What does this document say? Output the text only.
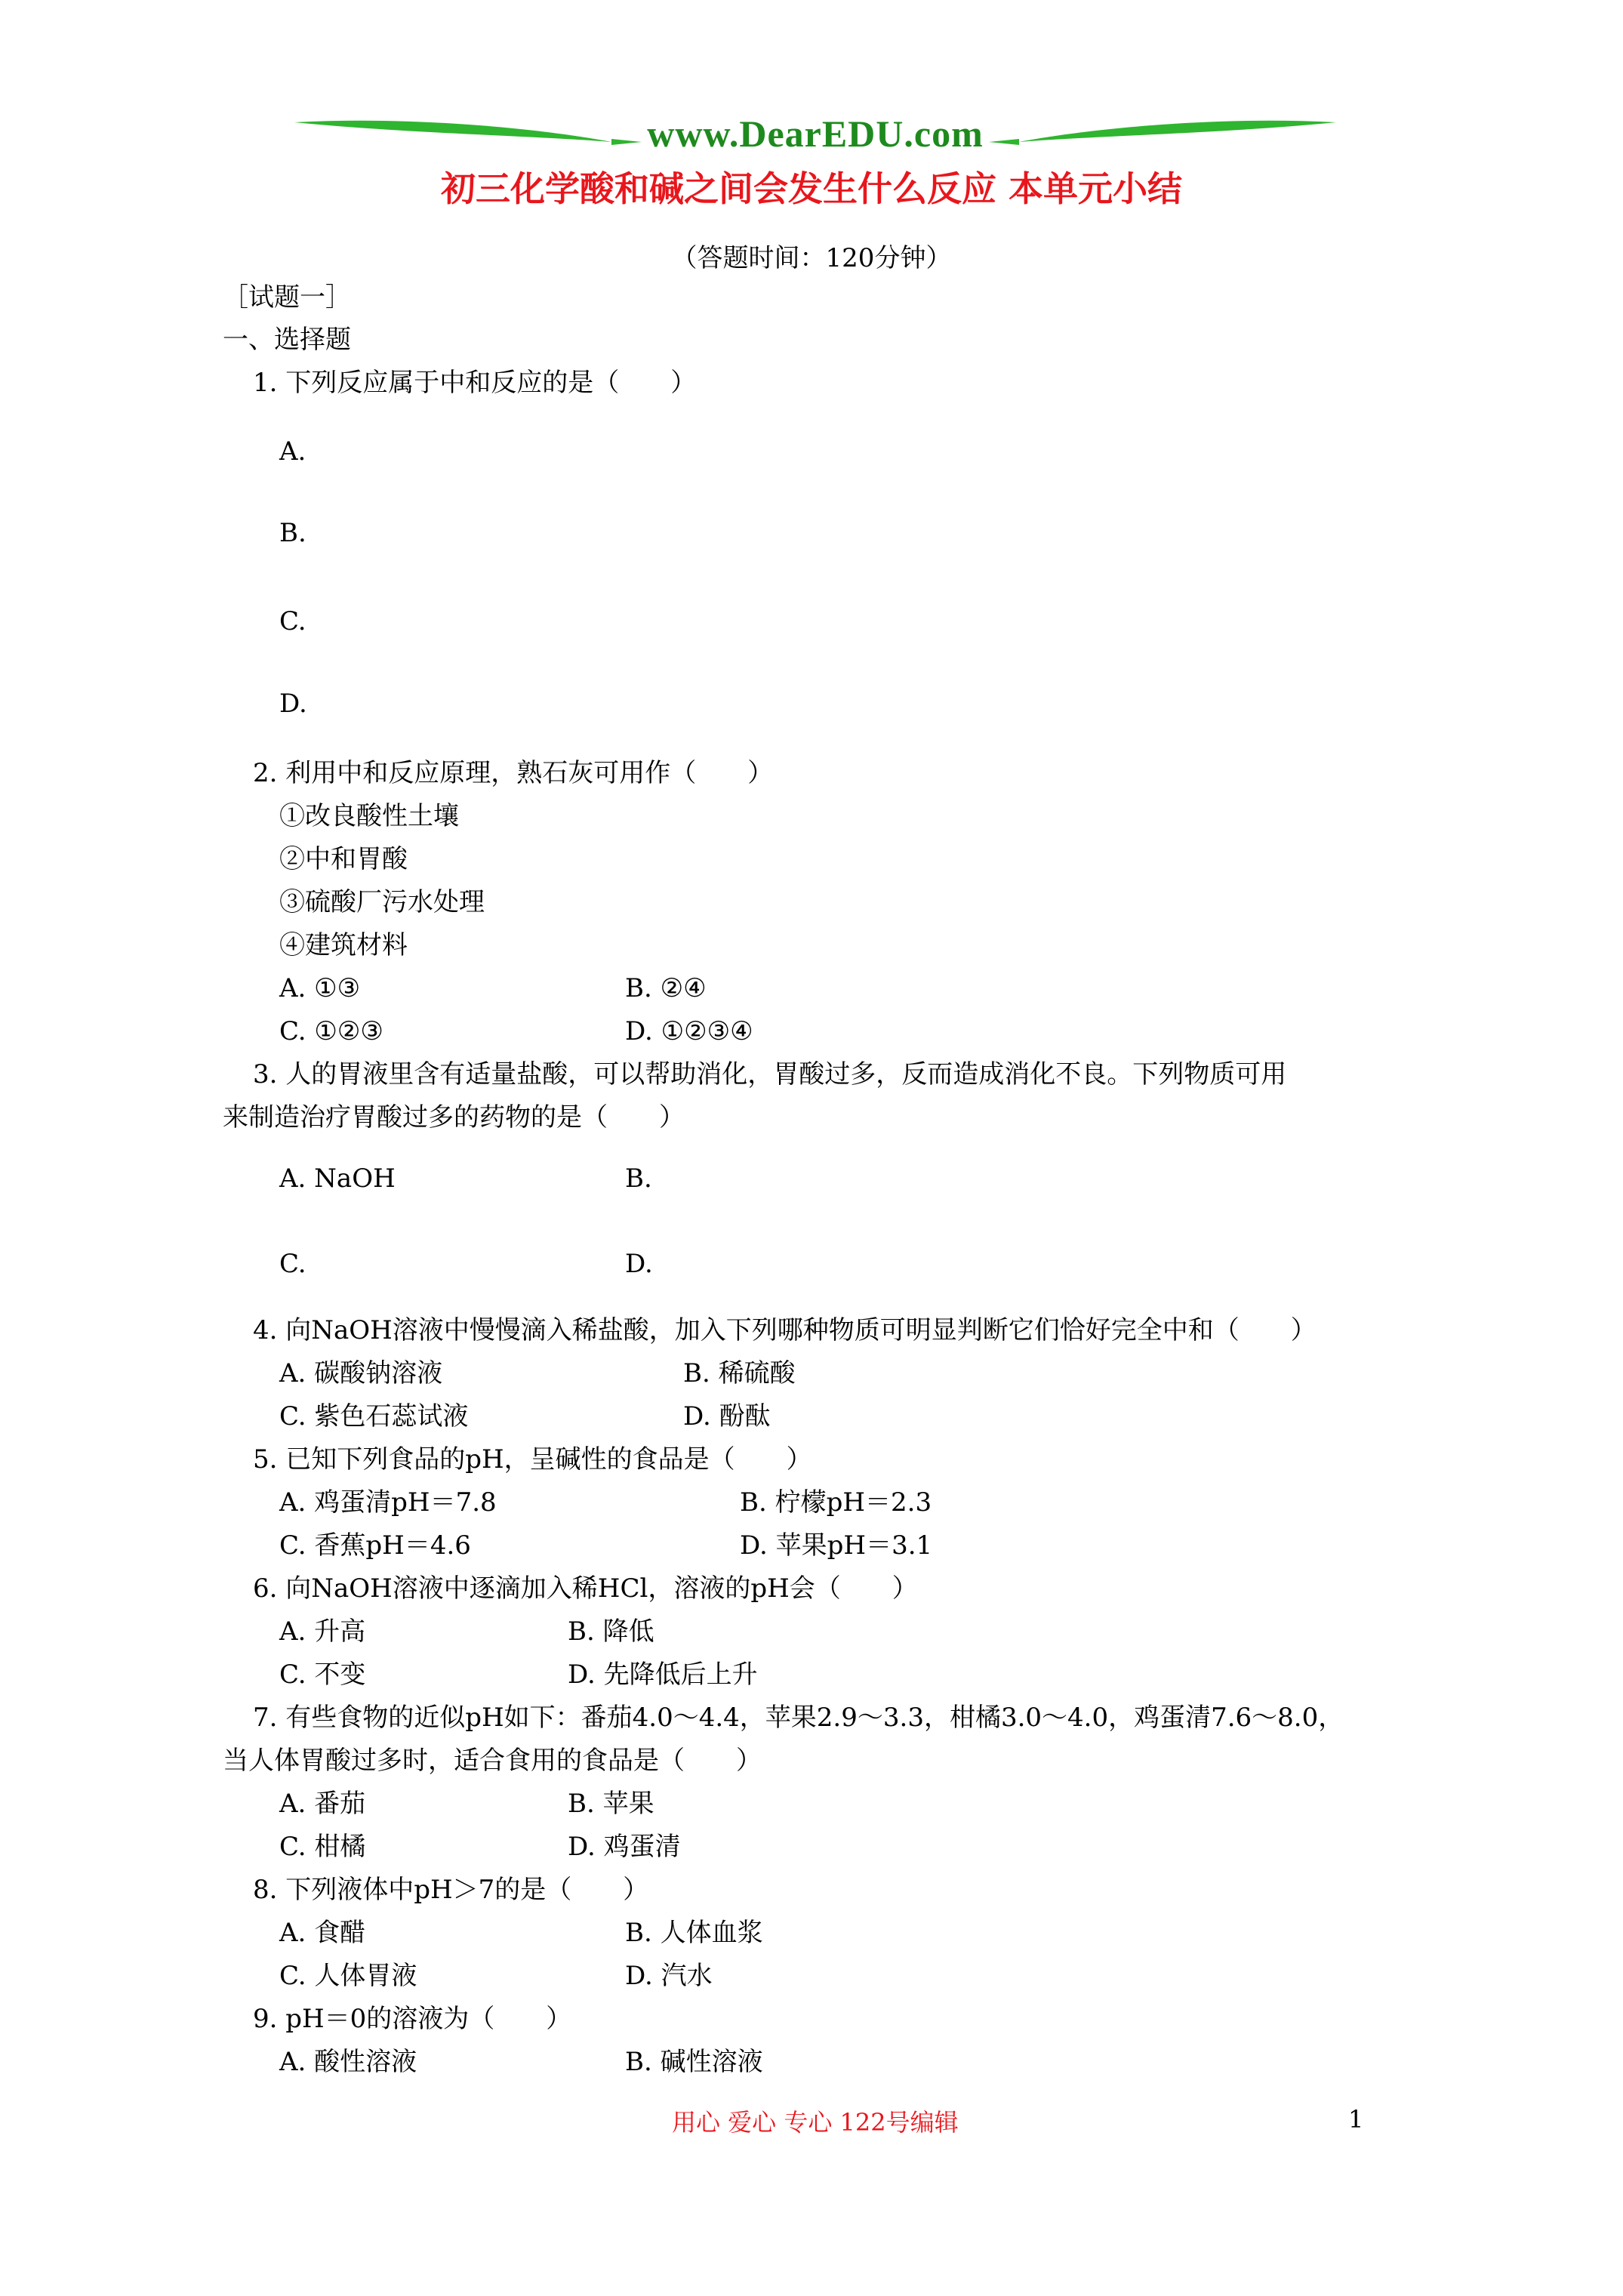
www.DearEDU.com
初三化学酸和碱之间会发生什么反应 本单元小结
（答题时间：120分钟）
［试题一］
一、选择题
1. 下列反应属于中和反应的是（　　）
A.
B.
C.
D.
2. 利用中和反应原理，熟石灰可用作（　　）
①改良酸性土壤
②中和胃酸
③硫酸厂污水处理
④建筑材料
A. ①③	B. ②④
C. ①②③	D. ①②③④
3. 人的胃液里含有适量盐酸，可以帮助消化，胃酸过多，反而造成消化不良。下列物质可用
来制造治疗胃酸过多的药物的是（　　）
A. NaOH	B.
C.	D.
4. 向NaOH溶液中慢慢滴入稀盐酸，加入下列哪种物质可明显判断它们恰好完全中和（　　）
A. 碳酸钠溶液	B. 稀硫酸
C. 紫色石蕊试液	D. 酚酞
5. 已知下列食品的pH，呈碱性的食品是（　　）
A. 鸡蛋清pH＝7.8	B. 柠檬pH＝2.3
C. 香蕉pH＝4.6	D. 苹果pH＝3.1
6. 向NaOH溶液中逐滴加入稀HCl，溶液的pH会（　　）
A. 升高	B. 降低
C. 不变	D. 先降低后上升
7. 有些食物的近似pH如下：番茄4.0～4.4，苹果2.9～3.3，柑橘3.0～4.0，鸡蛋清7.6～8.0，
当人体胃酸过多时，适合食用的食品是（　　）
A. 番茄	B. 苹果
C. 柑橘	D. 鸡蛋清
8. 下列液体中pH＞7的是（　　）
A. 食醋	B. 人体血浆
C. 人体胃液	D. 汽水
9. pH＝0的溶液为（　　）
A. 酸性溶液	B. 碱性溶液
用心 爱心 专心 122号编辑	1
